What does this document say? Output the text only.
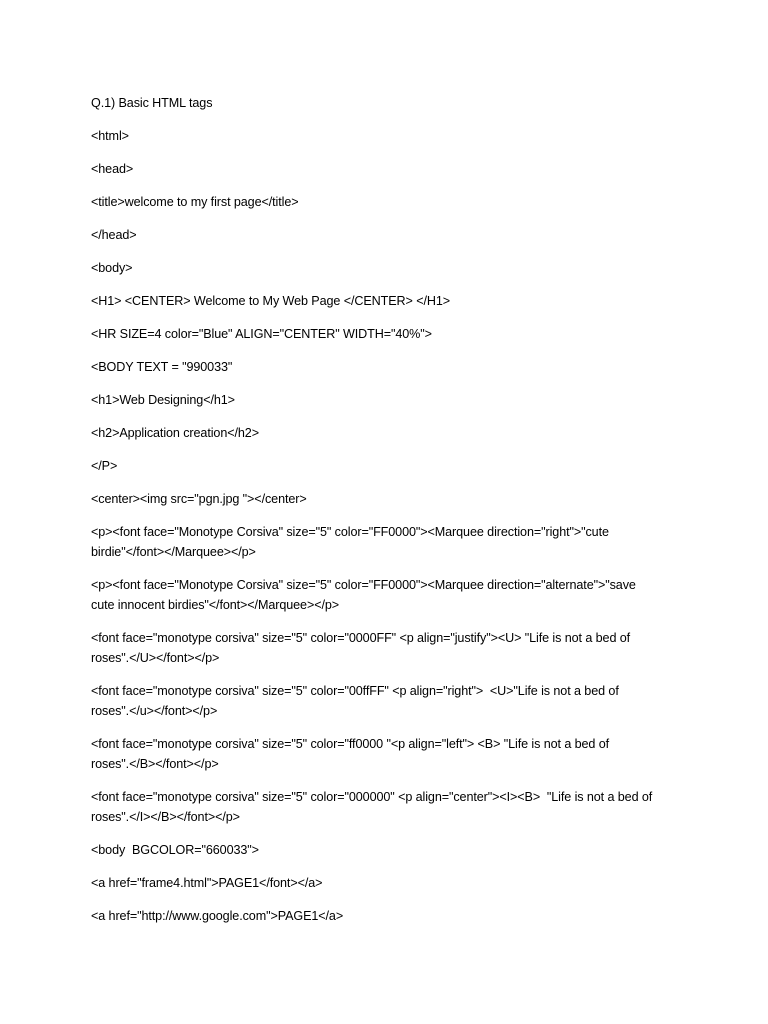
Q.1) Basic HTML tags
<html>
<head>
<title>welcome to my first page</title>
</head>
<body>
<H1> <CENTER> Welcome to My Web Page </CENTER> </H1>
<HR SIZE=4 color="Blue" ALIGN="CENTER" WIDTH="40%">
<BODY TEXT = "990033"
<h1>Web Designing</h1>
<h2>Application creation</h2>
</P>
<center><img src="pgn.jpg "></center>
<p><font face="Monotype Corsiva" size="5" color="FF0000"><Marquee direction="right">"cute
birdie"</font></Marquee></p>
<p><font face="Monotype Corsiva" size="5" color="FF0000"><Marquee direction="alternate">"save
cute innocent birdies"</font></Marquee></p>
<font face="monotype corsiva" size="5" color="0000FF" <p align="justify"><U> "Life is not a bed of
roses".</U></font></p>
<font face="monotype corsiva" size="5" color="00ffFF" <p align="right">  <U>"Life is not a bed of
roses".</u></font></p>
<font face="monotype corsiva" size="5" color="ff0000 "<p align="left"> <B> "Life is not a bed of
roses".</B></font></p>
<font face="monotype corsiva" size="5" color="000000" <p align="center"><I><B>  "Life is not a bed of
roses".</I></B></font></p>
<body  BGCOLOR="660033">
<a href="frame4.html">PAGE1</font></a>
<a href="http://www.google.com">PAGE1</a>
